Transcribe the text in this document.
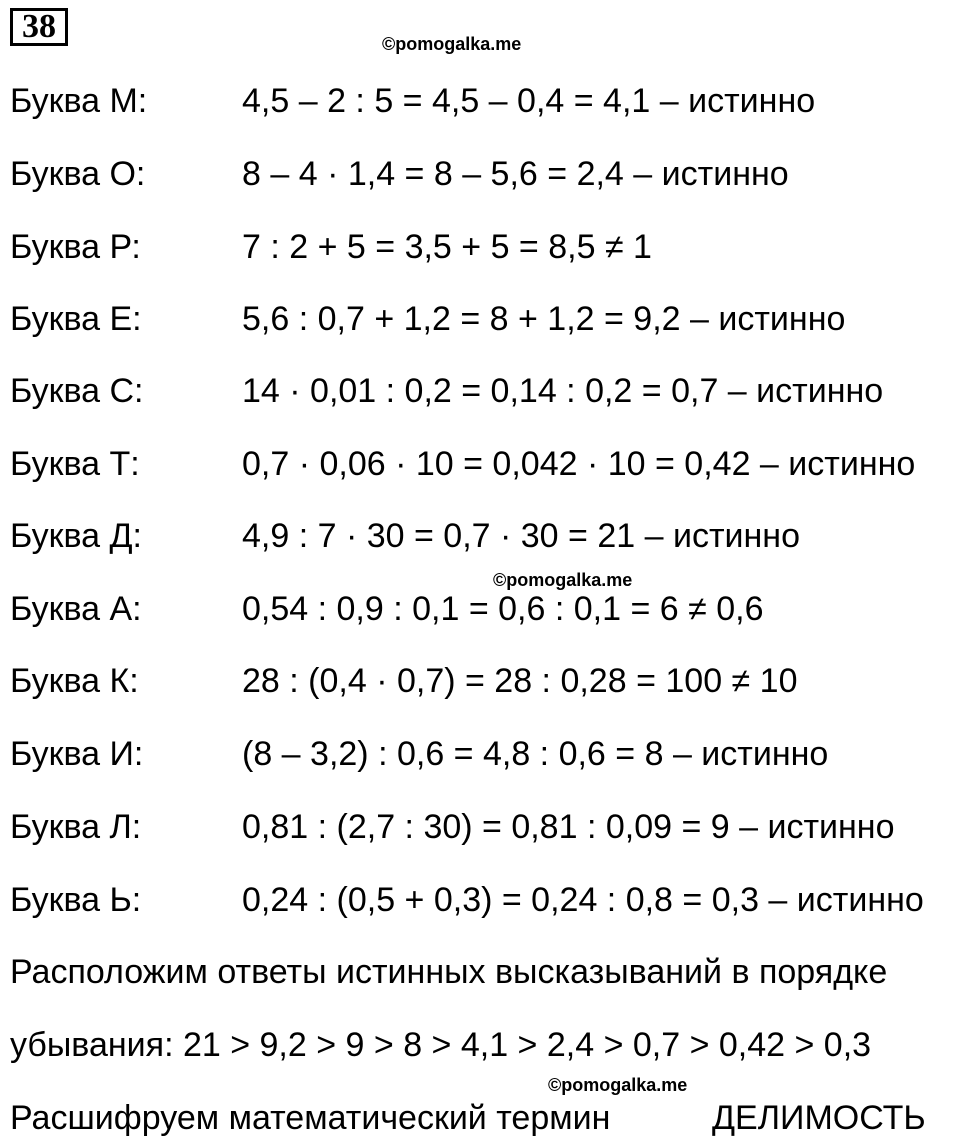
38	©pomogalka.me
©pomogalka.me
©pomogalka.me
Буква М:	4,5 – 2 : 5 = 4,5 – 0,4 = 4,1 – истинно
Буква О:	8 – 4 · 1,4 = 8 – 5,6 = 2,4 – истинно
Буква Р:	7 : 2 + 5 = 3,5 + 5 = 8,5 ≠ 1
Буква Е:	5,6 : 0,7 + 1,2 = 8 + 1,2 = 9,2 – истинно
Буква С:	14 · 0,01 : 0,2 = 0,14 : 0,2 = 0,7 – истинно
Буква Т:	0,7 · 0,06 · 10 = 0,042 · 10 = 0,42 – истинно
Буква Д:	4,9 : 7 · 30 = 0,7 · 30 = 21 – истинно
Буква А:	0,54 : 0,9 : 0,1 = 0,6 : 0,1 = 6 ≠ 0,6
Буква К:	28 : (0,4 · 0,7) = 28 : 0,28 = 100 ≠ 10
Буква И:	(8 – 3,2) : 0,6 = 4,8 : 0,6 = 8 – истинно
Буква Л:	0,81 : (2,7 : 30) = 0,81 : 0,09 = 9 – истинно
Буква Ь:	0,24 : (0,5 + 0,3) = 0,24 : 0,8 = 0,3 – истинно
Расположим ответы истинных высказываний в порядке
убывания: 21 > 9,2 > 9 > 8 > 4,1 > 2,4 > 0,7 > 0,42 > 0,3
Расшифруем математический термин	ДЕЛИМОСТЬ
